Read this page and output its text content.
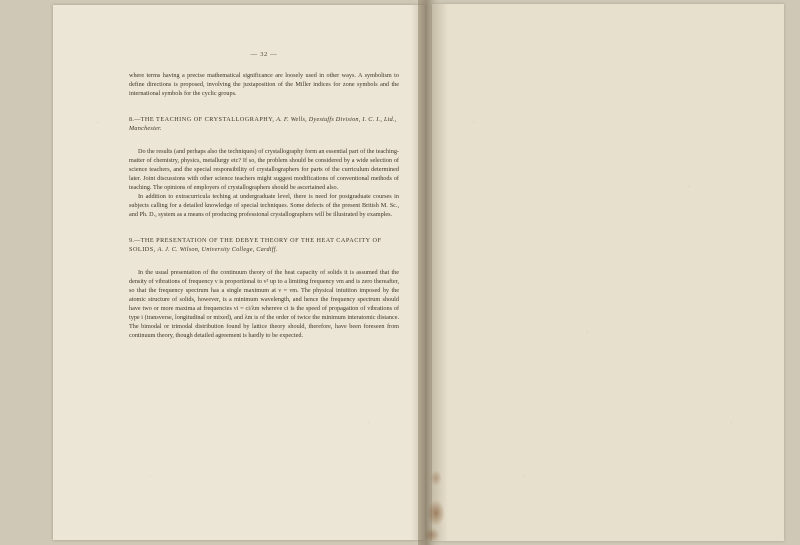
— 32 —

where terms having a precise mathematical significance are loosely used in other ways. A symbolism to define directions is proposed, involving the juxtaposition of the Miller indices for zone symbols and the international symbols for the cyclic groups.

8.—THE TEACHING OF CRYSTALLOGRAPHY, A. F. Wells, Dyestuffs Division, I. C. I., Ltd., Manchester.

Do the results (and perhaps also the techniques) of crystallography form an essential part of the teaching-matter of chemistry, physics, metallurgy etc? If so, the problem should be considered by a wide selection of science teachers, and the special responsibility of crystallographers for parts of the curriculum determined later. Joint discussions with other science teachers might suggest modifications of conventional methods of teaching. The opinions of employers of crystallographers should be ascertained also.

In addition to extracurricula teching at undergraduate level, there is need for postgraduate courses in subjects calling for a detailed knowledge of special techniques. Some defects of the present British M. Sc., and Ph. D., system as a means of producing professional crystallographers will be illustrated by examples.

9.—THE PRESENTATION OF THE DEBYE THEORY OF THE HEAT CAPACITY OF SOLIDS, A. J. C. Wilson, University College, Cardiff.

In the usual presentation of the continuum theory of the heat capacity of solids it is assumed that the density of vibrations of frequency ν is proportional to ν² up to a limiting frequency νm and is zero thereafter, so that the frequency spectrum has a single maximum at ν = νm. The physical intuition imposed by the atomic structure of solids, however, is a minimum wavelength, and hence the frequency spectrum should have two or more maxima at frequencies νi = ci/λm whereve ci is the speed of propagation of vibrations of type i (transverse, longitudinal or mixed), and λm is of the order of twice the minimum interatomic distance. The bimodal or trimodal distribution found by lattice theory should, therefore, have been foreseen from continuum theory, though detailed agreement is hardly to be expected.
